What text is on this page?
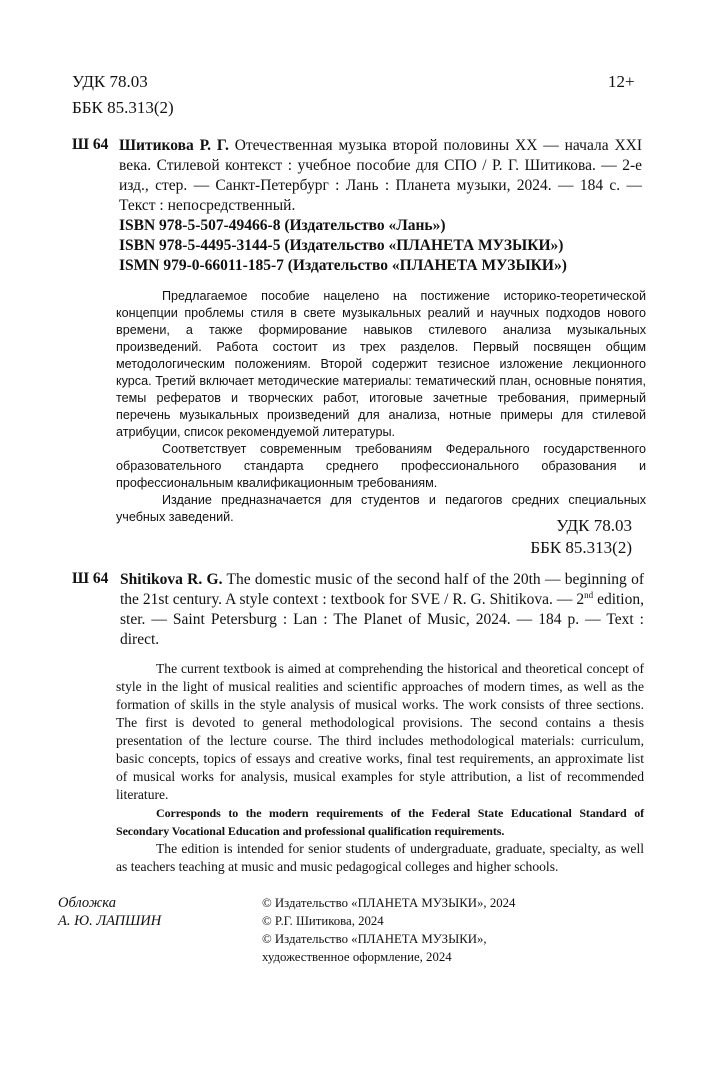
УДК 78.03
ББК 85.313(2)
12+
Ш 64 Шитикова Р. Г. Отечественная музыка второй половины XX — начала XXI века. Стилевой контекст : учебное пособие для СПО / Р. Г. Шитикова. — 2-е изд., стер. — Санкт-Петербург : Лань : Планета музыки, 2024. — 184 с. — Текст : непосредственный.
ISBN 978-5-507-49466-8 (Издательство «Лань»)
ISBN 978-5-4495-3144-5 (Издательство «ПЛАНЕТА МУЗЫКИ»)
ISMN 979-0-66011-185-7 (Издательство «ПЛАНЕТА МУЗЫКИ»)

Предлагаемое пособие нацелено на постижение историко-теоретической концепции проблемы стиля в свете музыкальных реалий и научных подходов нового времени, а также формирование навыков стилевого анализа музыкальных произведений. Работа состоит из трех разделов. Первый посвящен общим методологическим положениям. Второй содержит тезисное изложение лекционного курса. Третий включает методические материалы: тематический план, основные понятия, темы рефератов и творческих работ, итоговые зачетные требования, примерный перечень музыкальных произведений для анализа, нотные примеры для стилевой атрибуции, список рекомендуемой литературы.

Соответствует современным требованиям Федерального государственного образовательного стандарта среднего профессионального образования и профессиональным квалификационным требованиям.

Издание предназначается для студентов и педагогов средних специальных учебных заведений.	УДК 78.03
ББК 85.313(2)
Ш 64 Shitikova R. G. The domestic music of the second half of the 20th — beginning of the 21st century. A style context : textbook for SVE / R. G. Shitikova. — 2nd edition, ster. — Saint Petersburg : Lan : The Planet of Music, 2024. — 184 p. — Text : direct.

The current textbook is aimed at comprehending the historical and theoretical concept of style in the light of musical realities and scientific approaches of modern times, as well as the formation of skills in the style analysis of musical works. The work consists of three sections. The first is devoted to general methodological provisions. The second contains a thesis presentation of the lecture course. The third includes methodological materials: curriculum, basic concepts, topics of essays and creative works, final test requirements, an approximate list of musical works for analysis, musical examples for style attribution, a list of recommended literature.

Corresponds to the modern requirements of the Federal State Educational Standard of Secondary Vocational Education and professional qualification requirements.

The edition is intended for senior students of undergraduate, graduate, specialty, as well as teachers teaching at music and music pedagogical colleges and higher schools.

Обложка
А. Ю. ЛАПШИН
© Издательство «ПЛАНЕТА МУЗЫКИ», 2024
© Р.Г. Шитикова, 2024
© Издательство «ПЛАНЕТА МУЗЫКИ»,
художественное оформление, 2024
